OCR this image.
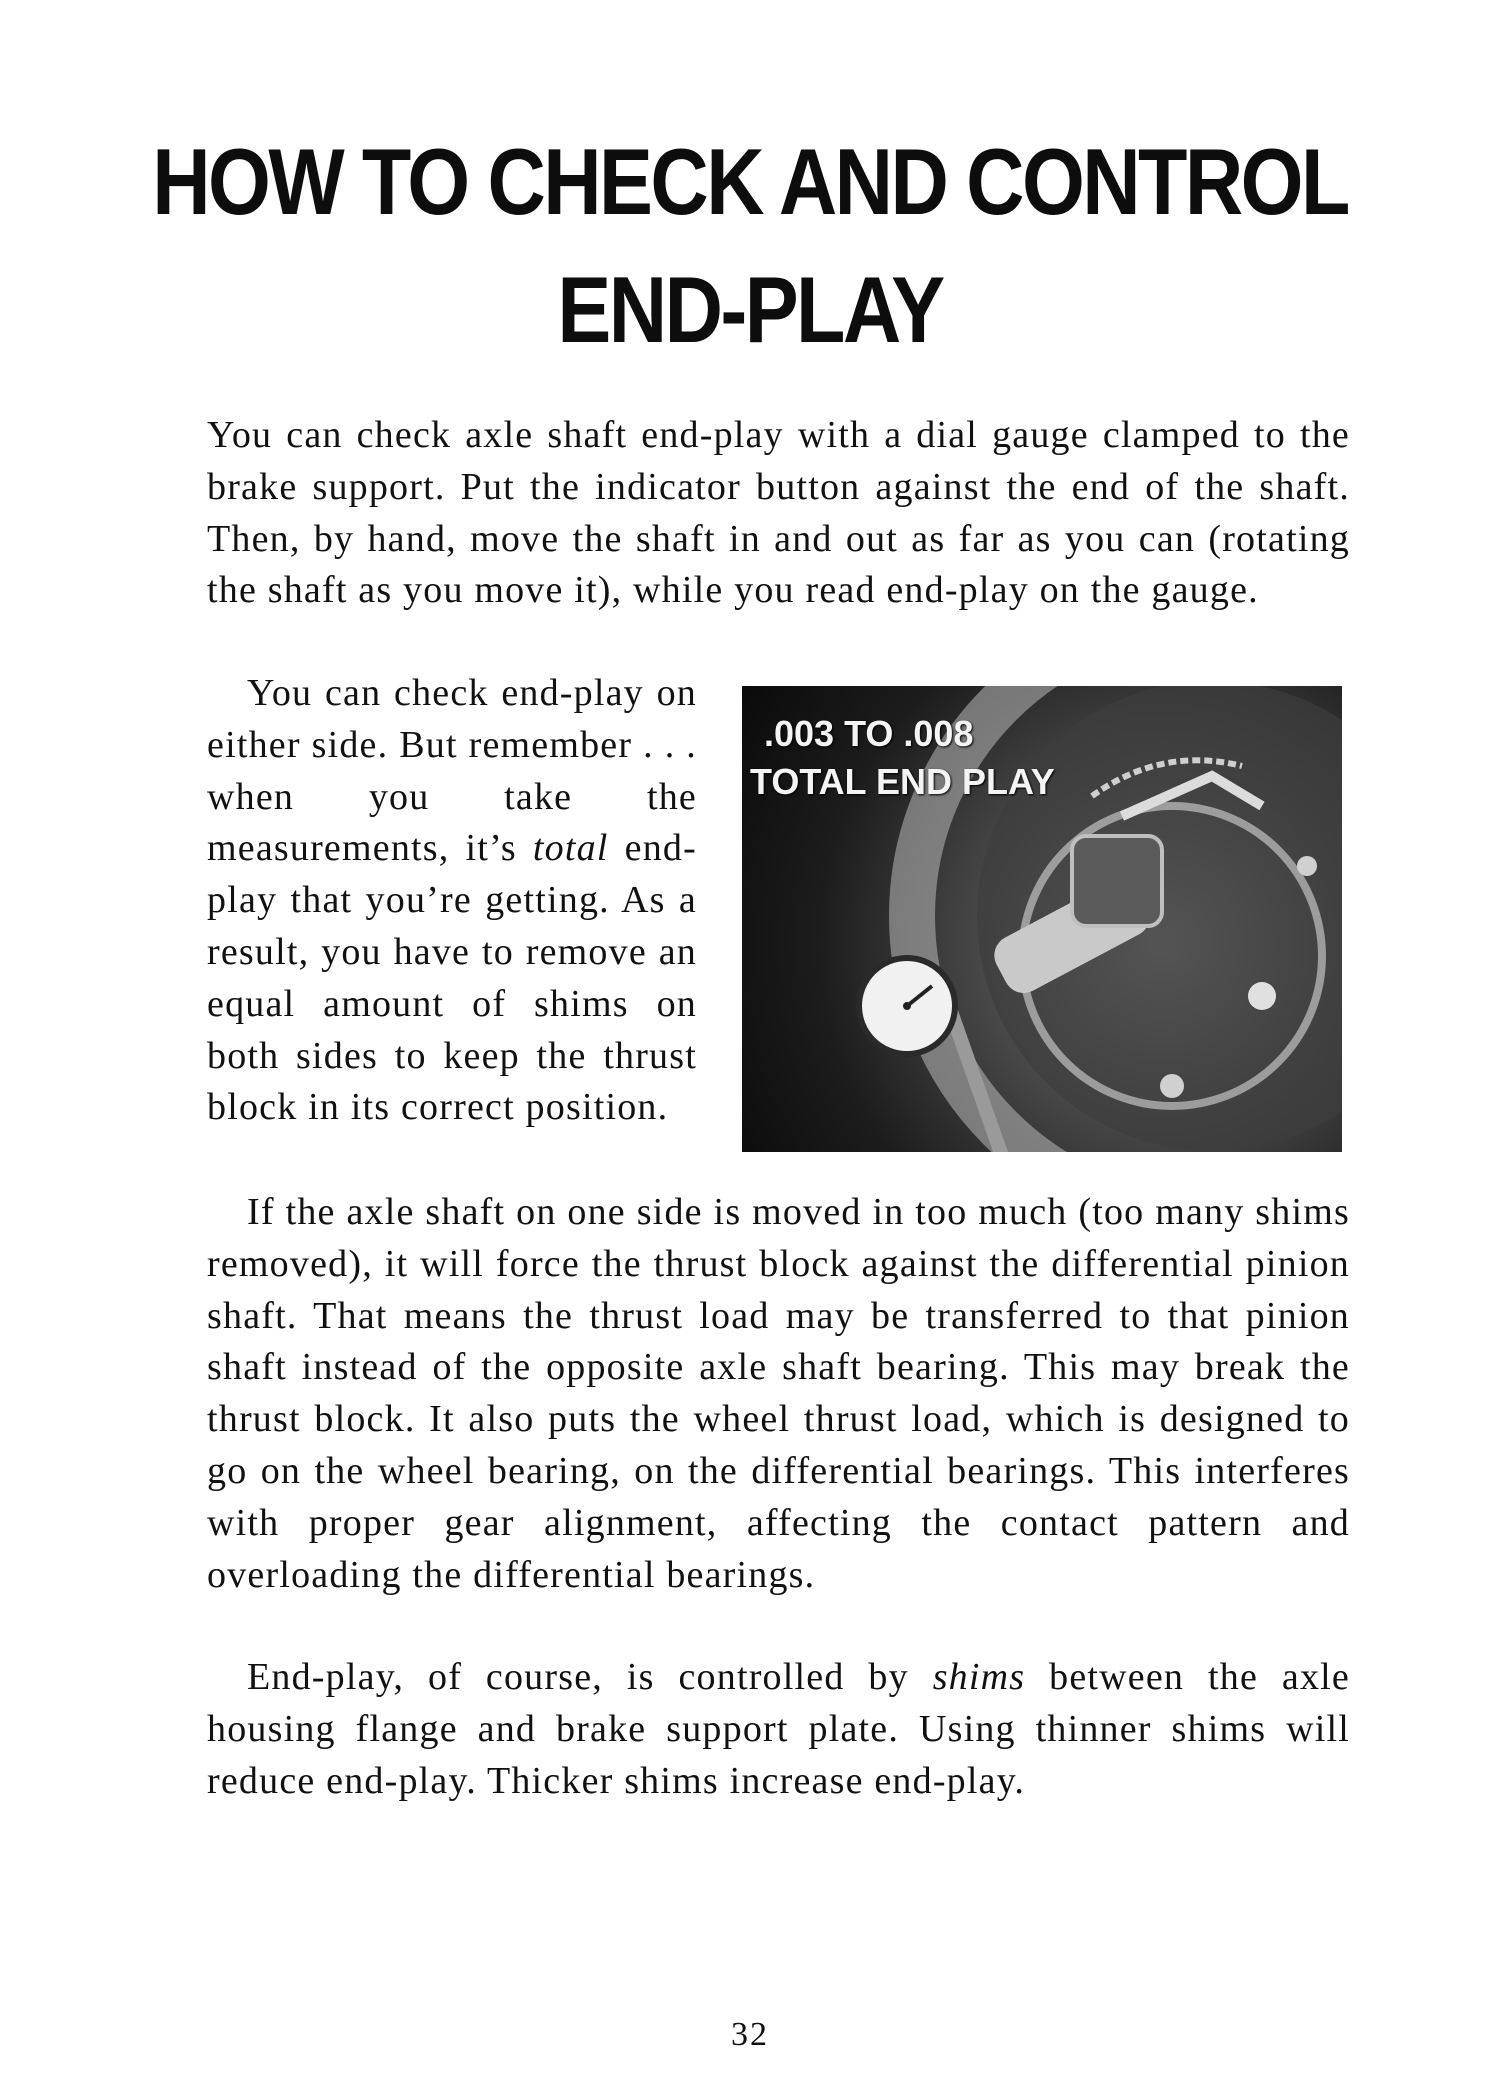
HOW TO CHECK AND CONTROL
END-PLAY

You can check axle shaft end-play with a dial gauge clamped to the brake support. Put the indicator button against the end of the shaft. Then, by hand, move the shaft in and out as far as you can (rotating the shaft as you move it), while you read end-play on the gauge.

You can check end-play on either side. But remember . . . when you take the measurements, it’s total end-play that you’re getting. As a result, you have to remove an equal amount of shims on both sides to keep the thrust block in its correct position.

.003 TO .008
TOTAL END PLAY

If the axle shaft on one side is moved in too much (too many shims removed), it will force the thrust block against the differential pinion shaft. That means the thrust load may be transferred to that pinion shaft instead of the opposite axle shaft bearing. This may break the thrust block. It also puts the wheel thrust load, which is designed to go on the wheel bearing, on the differential bearings. This interferes with proper gear alignment, affecting the contact pattern and overloading the differential bearings.

End-play, of course, is controlled by shims between the axle housing flange and brake support plate. Using thinner shims will reduce end-play. Thicker shims increase end-play.

32
